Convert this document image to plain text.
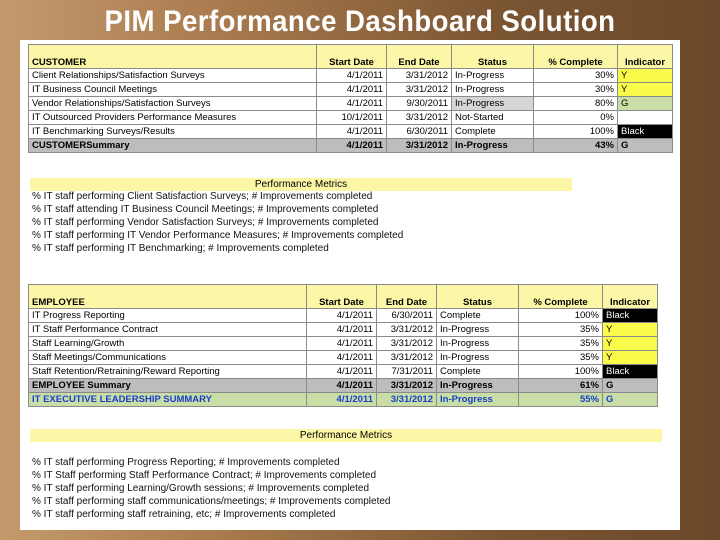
PIM Performance Dashboard Solution
CUSTOMER	Start Date	End Date	Status	% Complete	Indicator
Client Relationships/Satisfaction Surveys	4/1/2011	3/31/2012	In-Progress	30%	Y
IT Business Council Meetings	4/1/2011	3/31/2012	In-Progress	30%	Y
Vendor Relationships/Satisfaction Surveys	4/1/2011	9/30/2011	In-Progress	80%	G
IT Outsourced Providers Performance Measures	10/1/2011	3/31/2012	Not-Started	0%	
IT Benchmarking Surveys/Results	4/1/2011	6/30/2011	Complete	100%	Black
CUSTOMERSummary	4/1/2011	3/31/2012	In-Progress	43%	G
Performance Metrics
% IT staff performing Client Satisfaction Surveys; # Improvements completed
% IT staff attending IT Business Council Meetings; # Improvements completed
% IT staff performing Vendor Satisfaction Surveys; # Improvements completed
% IT staff performing IT Vendor Performance Measures; # Improvements completed
% IT staff performing IT Benchmarking; # Improvements completed
EMPLOYEE	Start Date	End Date	Status	% Complete	Indicator
IT Progress Reporting	4/1/2011	6/30/2011	Complete	100%	Black
IT Staff Performance Contract	4/1/2011	3/31/2012	In-Progress	35%	Y
Staff Learning/Growth	4/1/2011	3/31/2012	In-Progress	35%	Y
Staff Meetings/Communications	4/1/2011	3/31/2012	In-Progress	35%	Y
Staff Retention/Retraining/Reward Reporting	4/1/2011	7/31/2011	Complete	100%	Black
EMPLOYEE Summary	4/1/2011	3/31/2012	In-Progress	61%	G
IT EXECUTIVE LEADERSHIP SUMMARY	4/1/2011	3/31/2012	In-Progress	55%	G
Performance Metrics
% IT staff performing Progress Reporting; # Improvements completed
% IT Staff performing Staff Performance Contract; # Improvements completed
% IT staff performing Learning/Growth sessions; # Improvements completed
% IT staff performing staff communications/meetings; # Improvements completed
% IT staff performing staff retraining, etc; # Improvements completed
